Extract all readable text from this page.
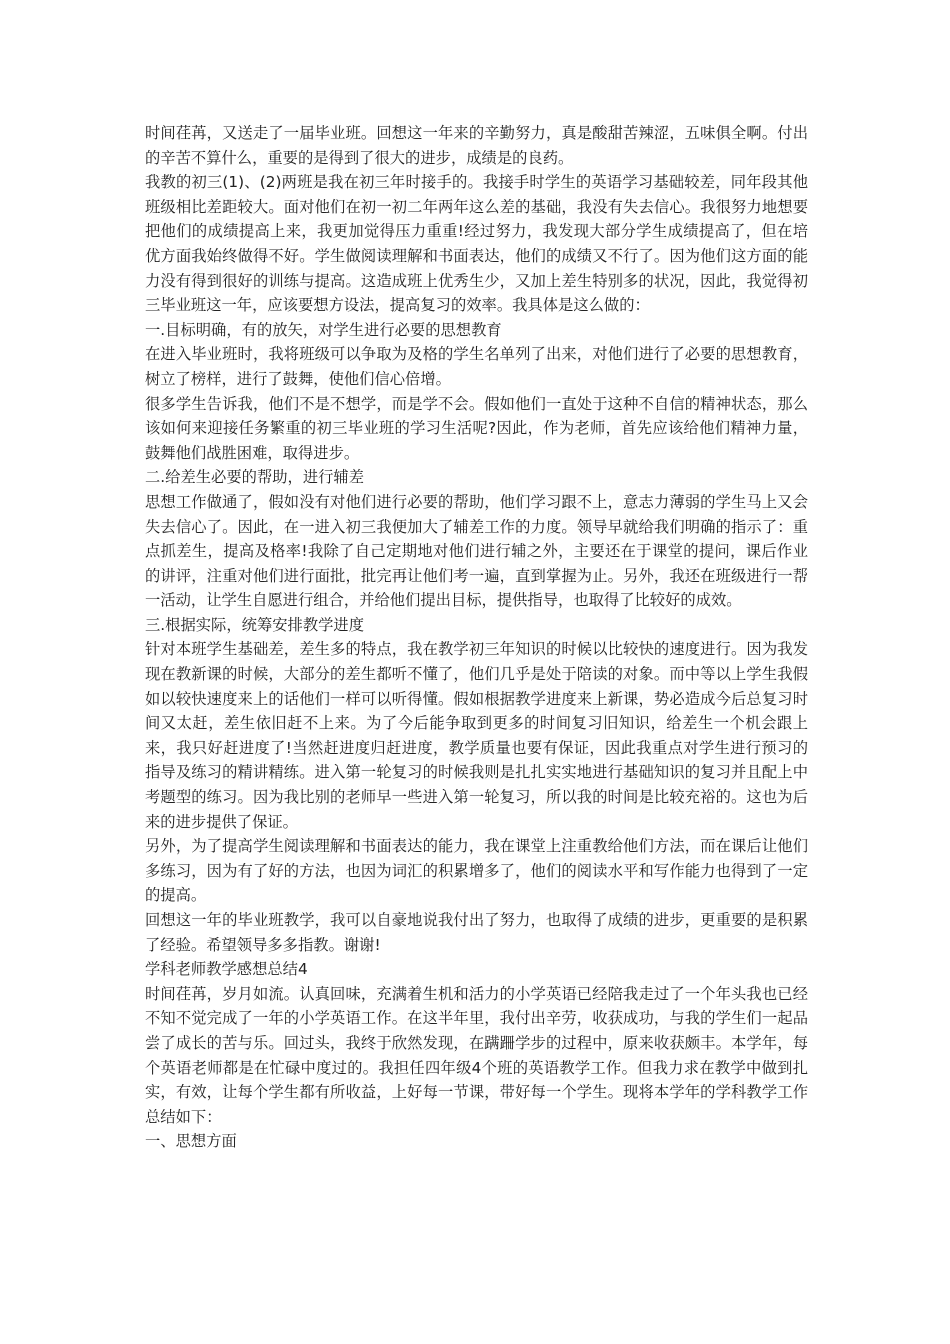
时间荏苒，又送走了一届毕业班。回想这一年来的辛勤努力，真是酸甜苦辣涩，五味俱全啊。付出的辛苦不算什么，重要的是得到了很大的进步，成绩是的良药。

我教的初三(1)、(2)两班是我在初三年时接手的。我接手时学生的英语学习基础较差，同年段其他班级相比差距较大。面对他们在初一初二年两年这么差的基础，我没有失去信心。我很努力地想要把他们的成绩提高上来，我更加觉得压力重重!经过努力，我发现大部分学生成绩提高了，但在培优方面我始终做得不好。学生做阅读理解和书面表达，他们的成绩又不行了。因为他们这方面的能力没有得到很好的训练与提高。这造成班上优秀生少，又加上差生特别多的状况，因此，我觉得初三毕业班这一年，应该要想方设法，提高复习的效率。我具体是这么做的：

一.目标明确，有的放矢，对学生进行必要的思想教育

在进入毕业班时，我将班级可以争取为及格的学生名单列了出来，对他们进行了必要的思想教育，树立了榜样，进行了鼓舞，使他们信心倍增。

很多学生告诉我，他们不是不想学，而是学不会。假如他们一直处于这种不自信的精神状态，那么该如何来迎接任务繁重的初三毕业班的学习生活呢?因此，作为老师，首先应该给他们精神力量，鼓舞他们战胜困难，取得进步。

二.给差生必要的帮助，进行辅差

思想工作做通了，假如没有对他们进行必要的帮助，他们学习跟不上，意志力薄弱的学生马上又会失去信心了。因此，在一进入初三我便加大了辅差工作的力度。领导早就给我们明确的指示了：重点抓差生，提高及格率!我除了自己定期地对他们进行辅之外，主要还在于课堂的提问，课后作业的讲评，注重对他们进行面批，批完再让他们考一遍，直到掌握为止。另外，我还在班级进行一帮一活动，让学生自愿进行组合，并给他们提出目标，提供指导，也取得了比较好的成效。

三.根据实际，统筹安排教学进度

针对本班学生基础差，差生多的特点，我在教学初三年知识的时候以比较快的速度进行。因为我发现在教新课的时候，大部分的差生都听不懂了，他们几乎是处于陪读的对象。而中等以上学生我假如以较快速度来上的话他们一样可以听得懂。假如根据教学进度来上新课，势必造成今后总复习时间又太赶，差生依旧赶不上来。为了今后能争取到更多的时间复习旧知识，给差生一个机会跟上来，我只好赶进度了!当然赶进度归赶进度，教学质量也要有保证，因此我重点对学生进行预习的指导及练习的精讲精练。进入第一轮复习的时候我则是扎扎实实地进行基础知识的复习并且配上中考题型的练习。因为我比别的老师早一些进入第一轮复习，所以我的时间是比较充裕的。这也为后来的进步提供了保证。

另外，为了提高学生阅读理解和书面表达的能力，我在课堂上注重教给他们方法，而在课后让他们多练习，因为有了好的方法，也因为词汇的积累增多了，他们的阅读水平和写作能力也得到了一定的提高。

回想这一年的毕业班教学，我可以自豪地说我付出了努力，也取得了成绩的进步，更重要的是积累了经验。希望领导多多指教。谢谢!

学科老师教学感想总结4

时间荏苒，岁月如流。认真回味，充满着生机和活力的小学英语已经陪我走过了一个年头我也已经不知不觉完成了一年的小学英语工作。在这半年里，我付出辛劳，收获成功，与我的学生们一起品尝了成长的苦与乐。回过头，我终于欣然发现，在蹒跚学步的过程中，原来收获颇丰。本学年，每个英语老师都是在忙碌中度过的。我担任四年级4个班的英语教学工作。但我力求在教学中做到扎实，有效，让每个学生都有所收益，上好每一节课，带好每一个学生。现将本学年的学科教学工作总结如下：

一、思想方面
